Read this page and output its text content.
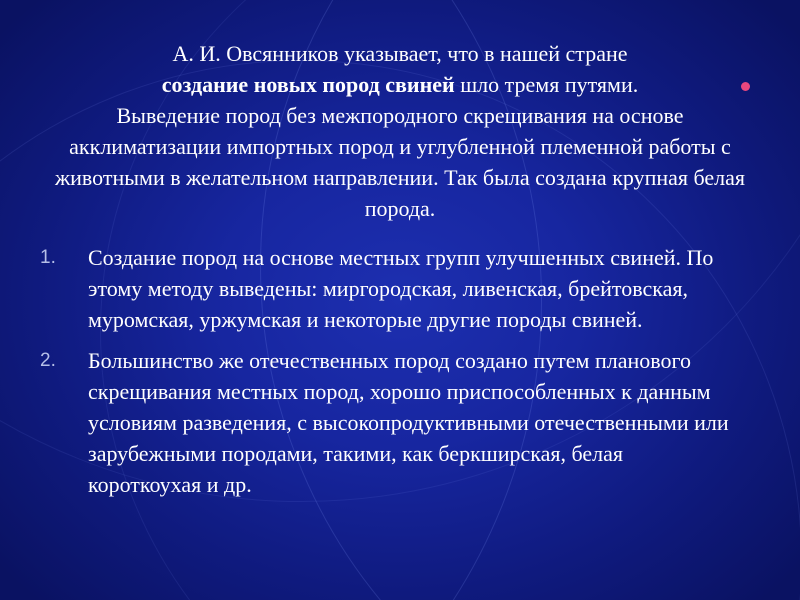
А. И. Овсянников указывает, что в нашей стране
создание новых пород свиней шло тремя путями.
Выведение пород без межпородного скрещивания на основе акклиматизации импортных пород и углубленной племенной работы с животными в желательном направлении. Так была создана крупная белая порода.

1.	Создание пород на основе местных групп улучшенных свиней. По этому методу выведены: миргородская, ливенская, брейтовская, муромская, уржумская и некоторые другие породы свиней.
2.	Большинство же отечественных пород создано путем планового скрещивания местных пород, хорошо приспособленных к данным условиям разведения, с высокопродуктивными отечественными или зарубежными породами, такими, как беркширская, белая короткоухая и др.
